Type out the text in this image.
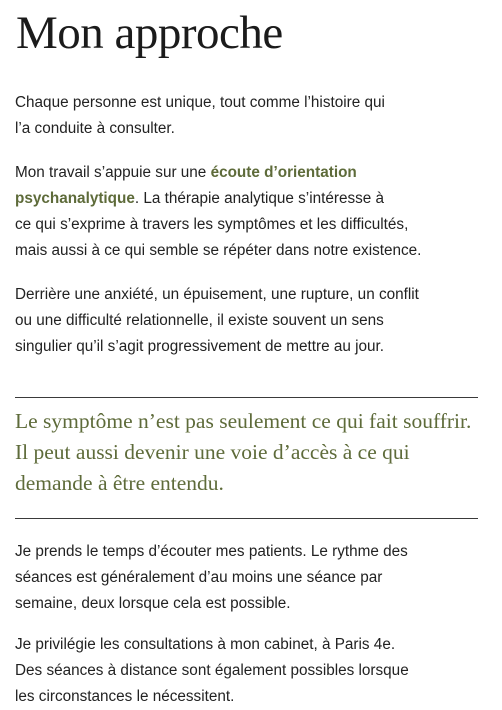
Mon approche

Chaque personne est unique, tout comme l’histoire qui
l’a conduite à consulter.

Mon travail s’appuie sur une écoute d’orientation
psychanalytique. La thérapie analytique s’intéresse à
ce qui s’exprime à travers les symptômes et les difficultés,
mais aussi à ce qui semble se répéter dans notre existence.

Derrière une anxiété, un épuisement, une rupture, un conflit
ou une difficulté relationnelle, il existe souvent un sens
singulier qu’il s’agit progressivement de mettre au jour.

Le symptôme n’est pas seulement ce qui fait souffrir.
Il peut aussi devenir une voie d’accès à ce qui
demande à être entendu.

Je prends le temps d’écouter mes patients. Le rythme des
séances est généralement d’au moins une séance par
semaine, deux lorsque cela est possible.

Je privilégie les consultations à mon cabinet, à Paris 4e.
Des séances à distance sont également possibles lorsque
les circonstances le nécessitent.
